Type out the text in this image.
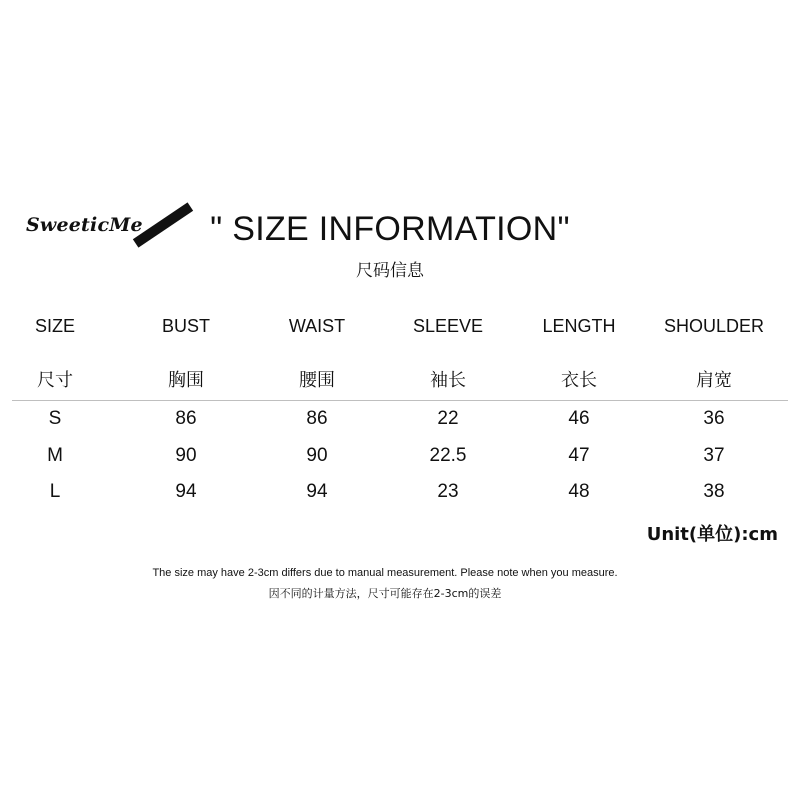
SweeticMe " SIZE INFORMATION"
尺码信息
SIZE	BUST	WAIST	SLEEVE	LENGTH	SHOULDER
尺寸	胸围	腰围	袖长	衣长	肩宽
S	86	86	22	46	36
M	90	90	22.5	47	37
L	94	94	23	48	38
Unit(单位):cm
The size may have 2-3cm differs due to manual measurement. Please note when you measure.
因不同的计量方法，尺寸可能存在2-3cm的误差
